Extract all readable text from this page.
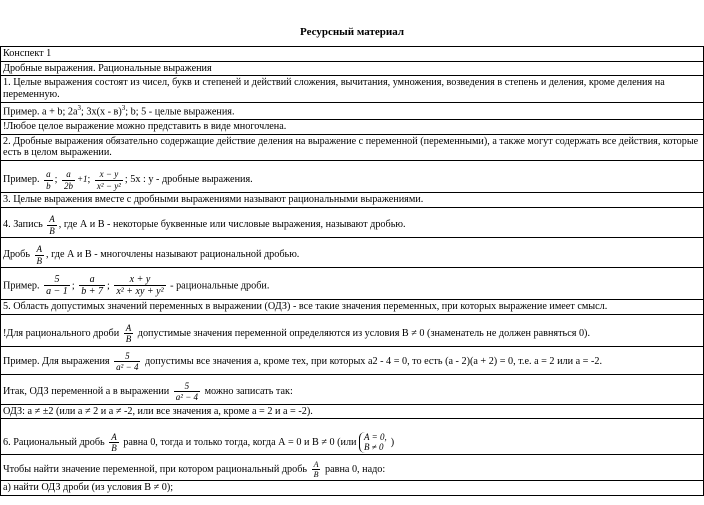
Ресурсный материал
Конспект 1
Дробные выражения. Рациональные выражения
1. Целые выражения состоят из чисел, букв и степеней и действий сложения, вычитания, умножения, возведения в степень и деления, кроме деления на переменную.
Пример. а + b; $2a^3$; 3x(x - в)$^3$; b; 5 - целые выражения.
!Любое целое выражение можно представить в виде многочлена.
2. Дробные выражения обязательно содержащие действие деления на выражение с переменной (переменными), а также могут содержать все действия, которые есть в целом выражении.
Пример. $\frac{a}{b}$ ; $\frac{a}{2b} +1$; $\frac{x - y}{\text{x² − y²}}$ ; 5х : у - дробные выражения.
3. Целые выражения вместе с дробными выражениями называют рациональными выражениями.
4. Запись $\frac{A}{B}$ , где А и В - некоторые буквенные или числовые выражения, называют дробью.
Дробь $\frac{A}{B}$ , где А и В - многочлены называют рациональной дробью.
Пример. $\frac{5}{a - 1}$ ; $\frac{a}{b + 7}$ ; $\frac{x + y}{\text{x² + xy + y²}}$ - рациональные дроби.
5. Область допустимых значений переменных в выражении (ОДЗ) - все такие значения переменных, при которых выражение имеет смысл.
!Для рационального дроби $\frac{A}{B}$ допустимые значения переменной определяются из условия В ≠ 0 (знаменатель не должен равняться 0).
Пример. Для выражения $\frac{5}{\text{a² − 4}}$ допустимы все значения а, кроме тех, при которых а2 - 4 = 0, то есть (а - 2)(а + 2) = 0, т.е. а = 2 или а = -2.
Итак, ОДЗ переменной а в выражении $\frac{5}{\text{a² − 4}}$ можно записать так:
ОДЗ: а ≠ ±2 (или а ≠ 2 и а ≠ -2, или все значения а, кроме а = 2 и а = -2).
6. Рациональный дробь $\frac{A}{B}$ равна 0, тогда и только тогда, когда А = 0 и В ≠ 0 (или A = 0,
B ≠ 0 )
Чтобы найти значение переменной, при котором рациональный дробь $\frac{A}{B}$ равна 0, надо:
а) найти ОДЗ дроби (из условия В ≠ 0);
